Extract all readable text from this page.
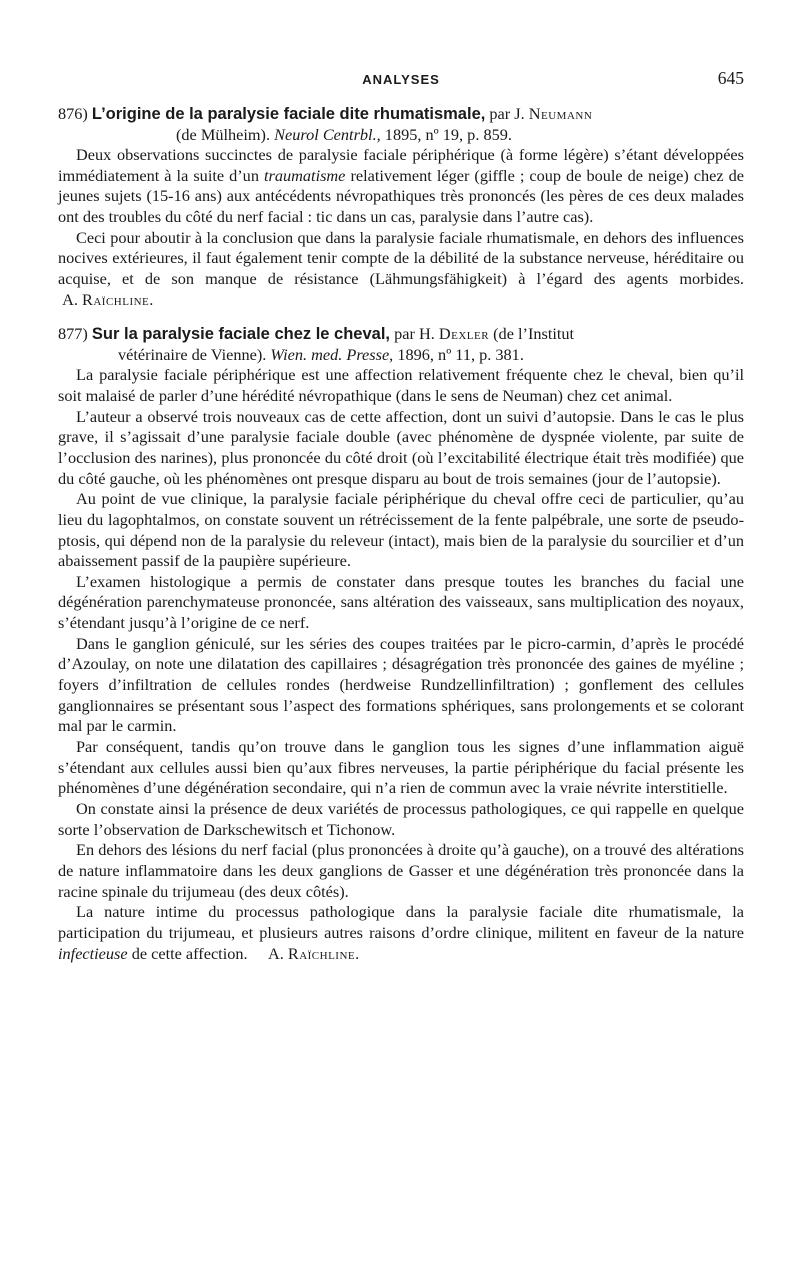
ANALYSES	645
876) L’origine de la paralysie faciale dite rhumatismale, par J. Neumann
(de Mülheim). Neurol Centrbl., 1895, nº 19, p. 859.

Deux observations succinctes de paralysie faciale périphérique (à forme légère) s’étant développées immédiatement à la suite d’un traumatisme relativement léger (giffle ; coup de boule de neige) chez de jeunes sujets (15-16 ans) aux antécédents névropathiques très prononcés (les pères de ces deux malades ont des troubles du côté du nerf facial : tic dans un cas, paralysie dans l’autre cas).

Ceci pour aboutir à la conclusion que dans la paralysie faciale rhumatismale, en dehors des influences nocives extérieures, il faut également tenir compte de la débilité de la substance nerveuse, héréditaire ou acquise, et de son manque de résistance (Lähmungsfähigkeit) à l’égard des agents morbides.  A. Raïchline.

877) Sur la paralysie faciale chez le cheval, par H. Dexler (de l’Institut
vétérinaire de Vienne). Wien. med. Presse, 1896, nº 11, p. 381.

La paralysie faciale périphérique est une affection relativement fréquente chez le cheval, bien qu’il soit malaisé de parler d’une hérédité névropathique (dans le sens de Neuman) chez cet animal.

L’auteur a observé trois nouveaux cas de cette affection, dont un suivi d’autopsie. Dans le cas le plus grave, il s’agissait d’une paralysie faciale double (avec phénomène de dyspnée violente, par suite de l’occlusion des narines), plus prononcée du côté droit (où l’excitabilité électrique était très modifiée) que du côté gauche, où les phénomènes ont presque disparu au bout de trois semaines (jour de l’autopsie).

Au point de vue clinique, la paralysie faciale périphérique du cheval offre ceci de particulier, qu’au lieu du lagophtalmos, on constate souvent un rétrécissement de la fente palpébrale, une sorte de pseudo-ptosis, qui dépend non de la paralysie du releveur (intact), mais bien de la paralysie du sourcilier et d’un abaissement passif de la paupière supérieure.

L’examen histologique a permis de constater dans presque toutes les branches du facial une dégénération parenchymateuse prononcée, sans altération des vaisseaux, sans multiplication des noyaux, s’étendant jusqu’à l’origine de ce nerf.

Dans le ganglion géniculé, sur les séries des coupes traitées par le picro-carmin, d’après le procédé d’Azoulay, on note une dilatation des capillaires ; désagrégation très prononcée des gaines de myéline ; foyers d’infiltration de cellules rondes (herdweise Rundzellinfiltration) ; gonflement des cellules ganglionnaires se présentant sous l’aspect des formations sphériques, sans prolongements et se colorant mal par le carmin.

Par conséquent, tandis qu’on trouve dans le ganglion tous les signes d’une inflammation aiguë s’étendant aux cellules aussi bien qu’aux fibres nerveuses, la partie périphérique du facial présente les phénomènes d’une dégénération secondaire, qui n’a rien de commun avec la vraie névrite interstitielle.

On constate ainsi la présence de deux variétés de processus pathologiques, ce qui rappelle en quelque sorte l’observation de Darkschewitsch et Tichonow.

En dehors des lésions du nerf facial (plus prononcées à droite qu’à gauche), on a trouvé des altérations de nature inflammatoire dans les deux ganglions de Gasser et une dégénération très prononcée dans la racine spinale du trijumeau (des deux côtés).

La nature intime du processus pathologique dans la paralysie faciale dite rhumatismale, la participation du trijumeau, et plusieurs autres raisons d’ordre clinique, militent en faveur de la nature infectieuse de cette affection. A. Raïchline.
